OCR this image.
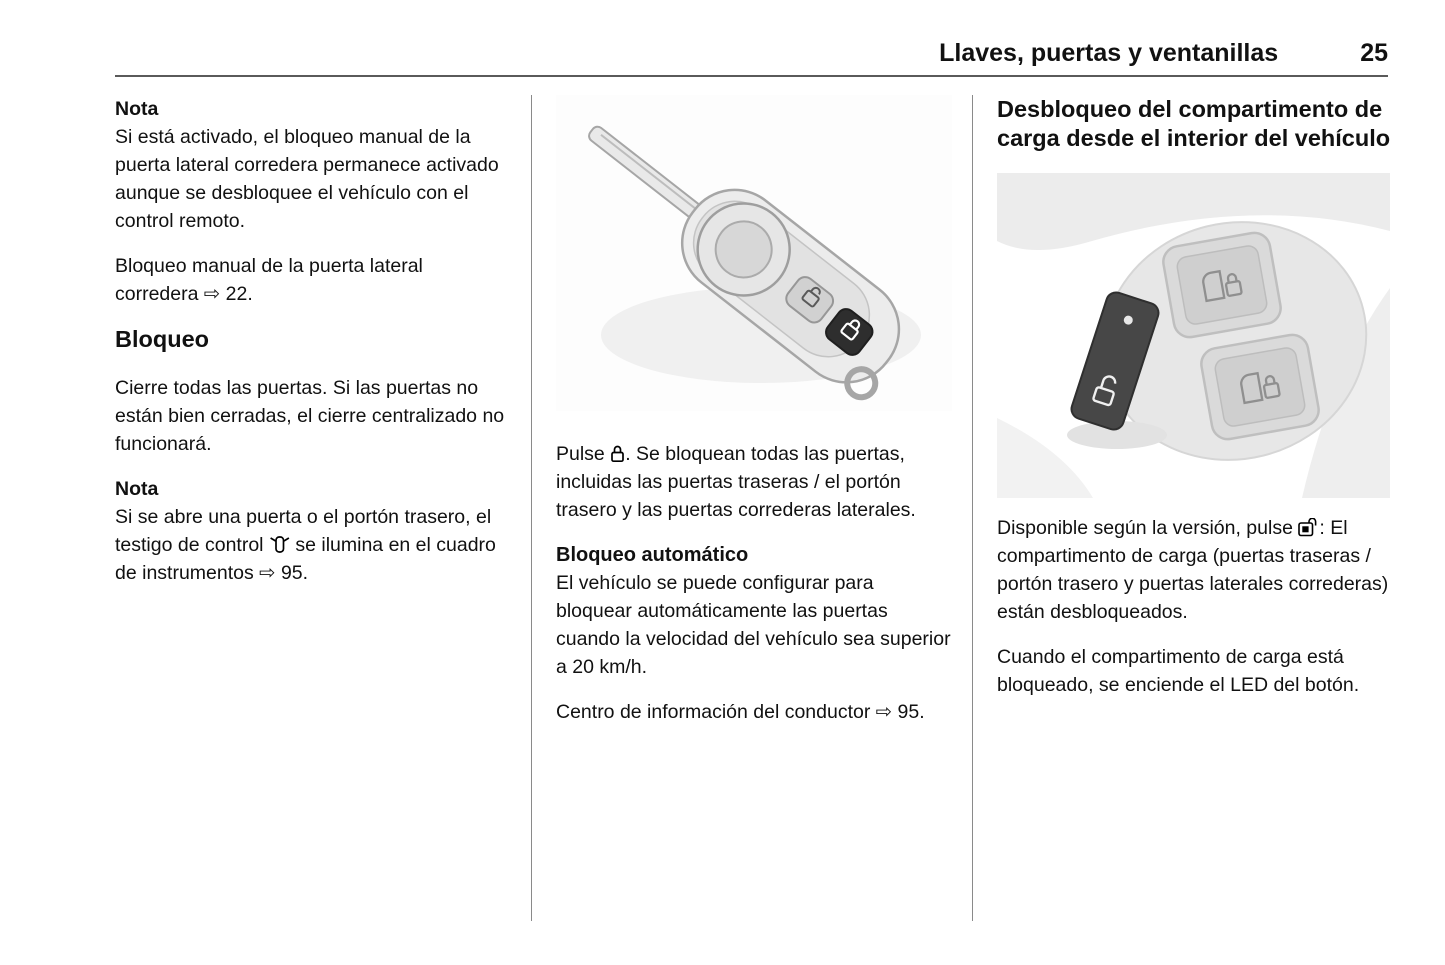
Llaves, puertas y ventanillas	25

Nota

Si está activado, el bloqueo manual de la puerta lateral corredera permanece activado aunque se desbloquee el vehículo con el control remoto.

Bloqueo manual de la puerta lateral corredera ⇨ 22.

Bloqueo

Cierre todas las puertas. Si las puertas no están bien cerradas, el cierre centralizado no funcionará.

Nota

Si se abre una puerta o el portón trasero, el testigo de control se ilumina en el cuadro de instrumentos ⇨ 95.

Pulse . Se bloquean todas las puertas, incluidas las puertas traseras / el portón trasero y las puertas correderas laterales.

Bloqueo automático

El vehículo se puede configurar para bloquear automáticamente las puertas cuando la velocidad del vehículo sea superior a 20 km/h.

Centro de información del conductor ⇨ 95.

Desbloqueo del compartimento de carga desde el interior del vehículo

Disponible según la versión, pulse : El compartimento de carga (puertas traseras / portón trasero y puertas laterales correderas) están desbloqueados.

Cuando el compartimento de carga está bloqueado, se enciende el LED del botón.
